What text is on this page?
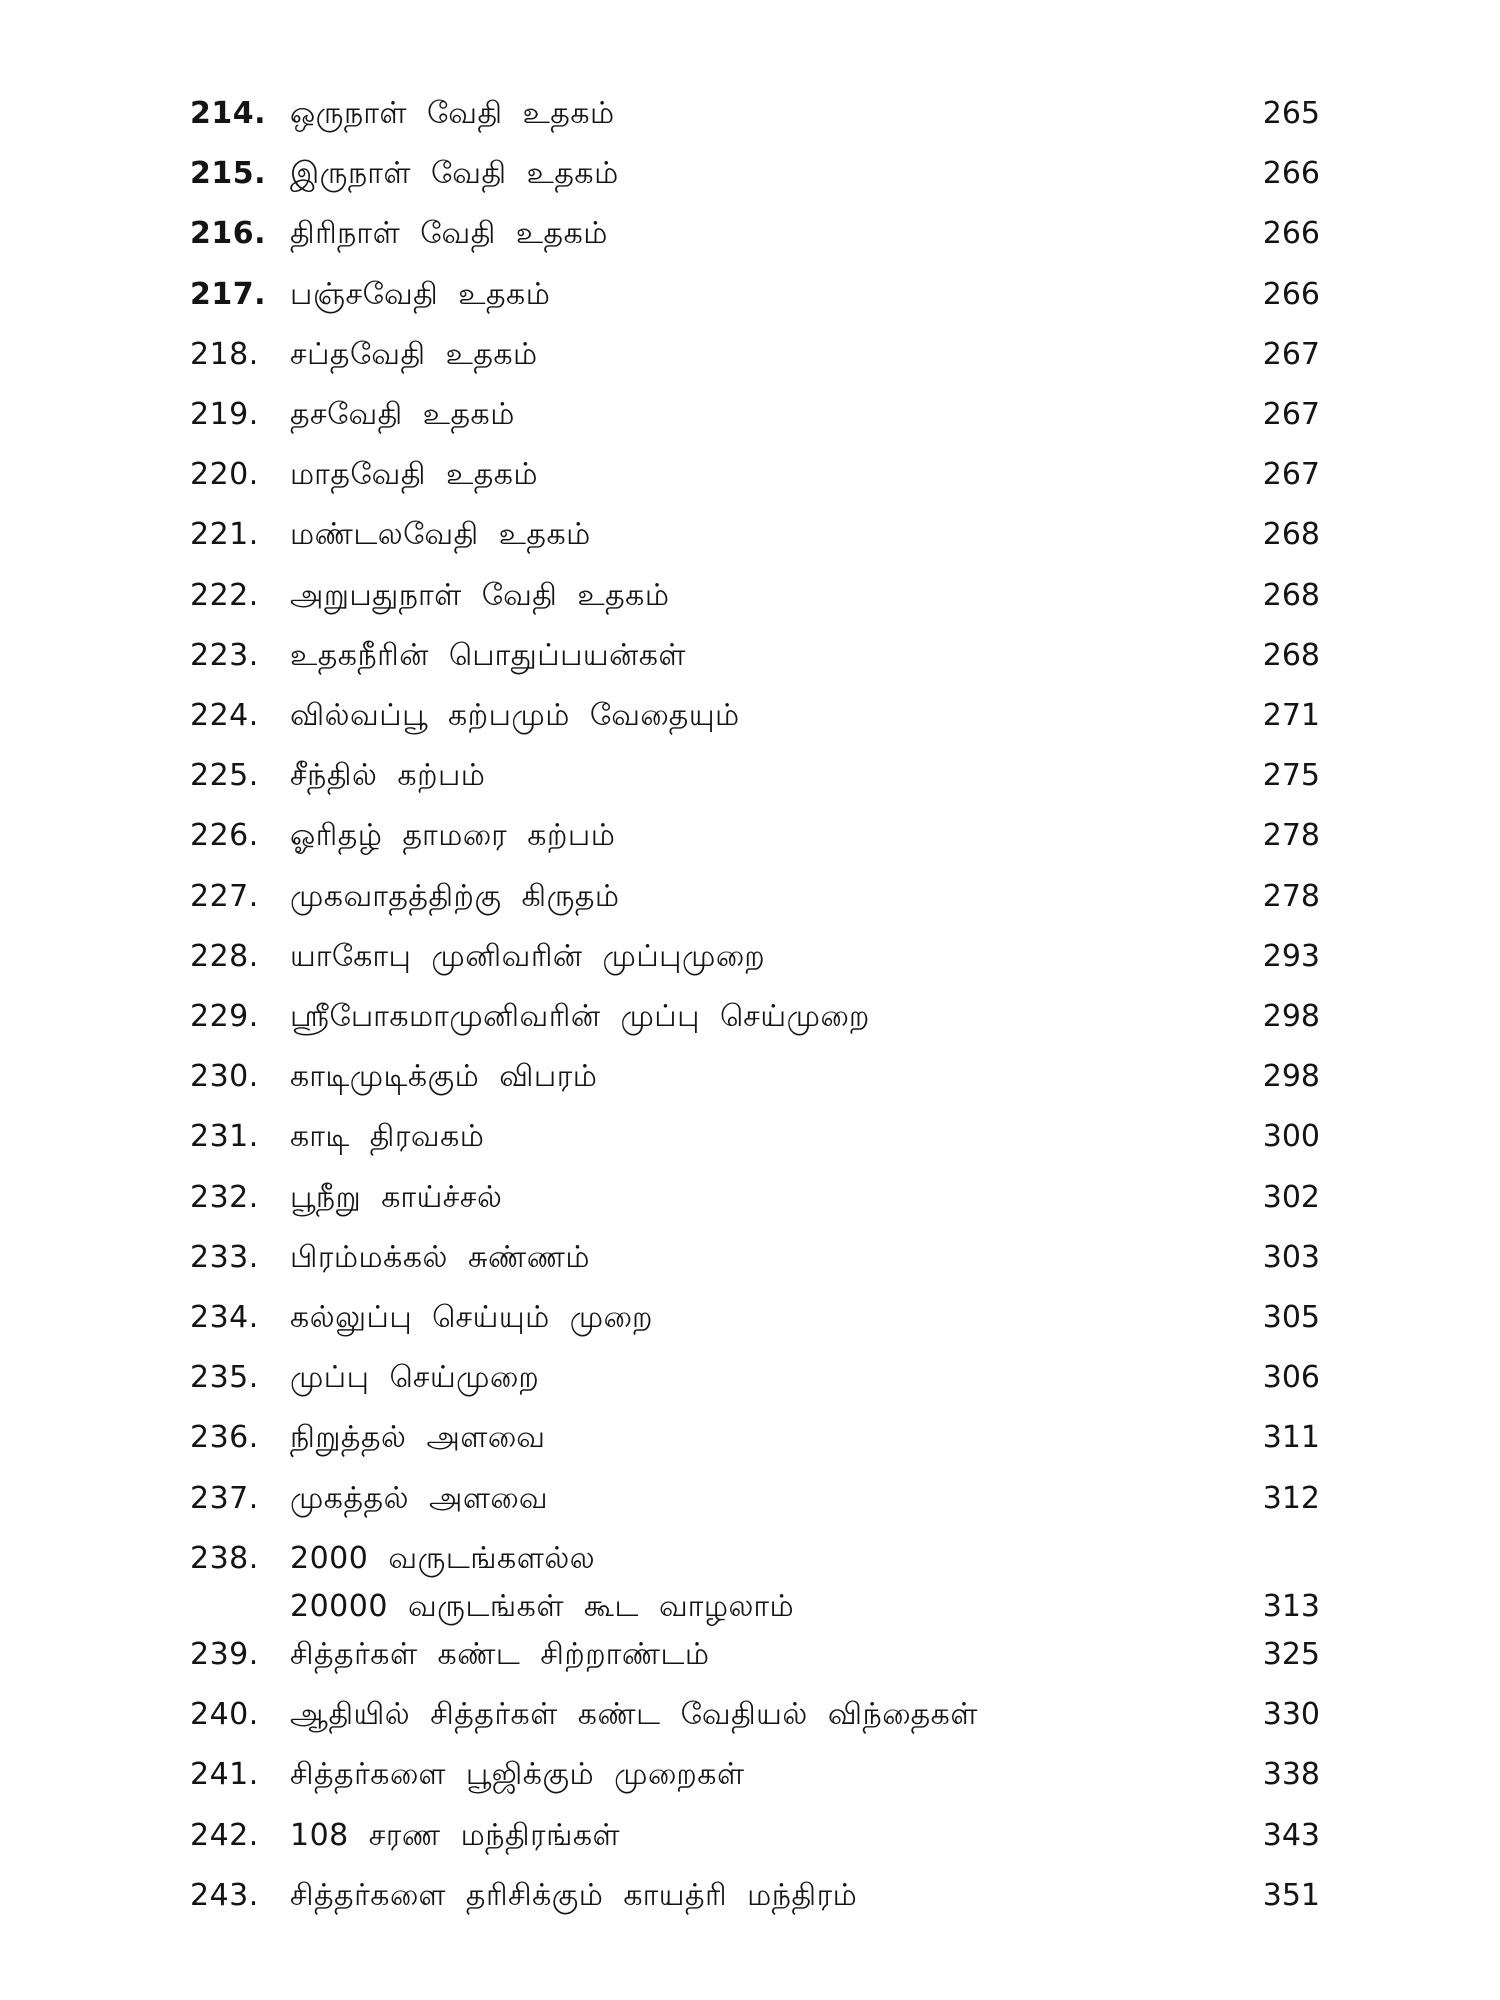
214. ஒருநாள் வேதி உதகம்	265
215. இருநாள் வேதி உதகம்	266
216. திரிநாள் வேதி உதகம்	266
217. பஞ்சவேதி உதகம்	266
218.	சப்தவேதி உதகம்	267
219.	தசவேதி உதகம்	267
220.	மாதவேதி உதகம்	267
221.	மண்டலவேதி உதகம்	268
222.	அறுபதுநாள் வேதி உதகம்	268
223.	உதகநீரின் பொதுப்பயன்கள்	268
224.	வில்வப்பூ கற்பமும் வேதையும்	271
225.	சீந்தில் கற்பம்	275
226.	ஓரிதழ் தாமரை கற்பம்	278
227.	முகவாதத்திற்கு கிருதம்	278
228.	யாகோபு முனிவரின் முப்புமுறை	293
229.	ஸ்ரீபோகமாமுனிவரின் முப்பு செய்முறை	298
230.	காடிமுடிக்கும் விபரம்	298
231.	காடி திரவகம்	300
232.	பூநீறு காய்ச்சல்	302
233.	பிரம்மக்கல் சுண்ணம்	303
234.	கல்லுப்பு செய்யும் முறை	305
235.	முப்பு செய்முறை	306
236.	நிறுத்தல் அளவை	311
237.	முகத்தல் அளவை	312
238.	2000 வருடங்களல்ல
20000 வருடங்கள் கூட வாழலாம்	313
239.	சித்தர்கள் கண்ட சிற்றாண்டம்	325
240.	ஆதியில் சித்தர்கள் கண்ட வேதியல் விந்தைகள்	330
241.	சித்தர்களை பூஜிக்கும் முறைகள்	338
242.	108 சரண மந்திரங்கள்	343
243.	சித்தர்களை தரிசிக்கும் காயத்ரி மந்திரம்	351
